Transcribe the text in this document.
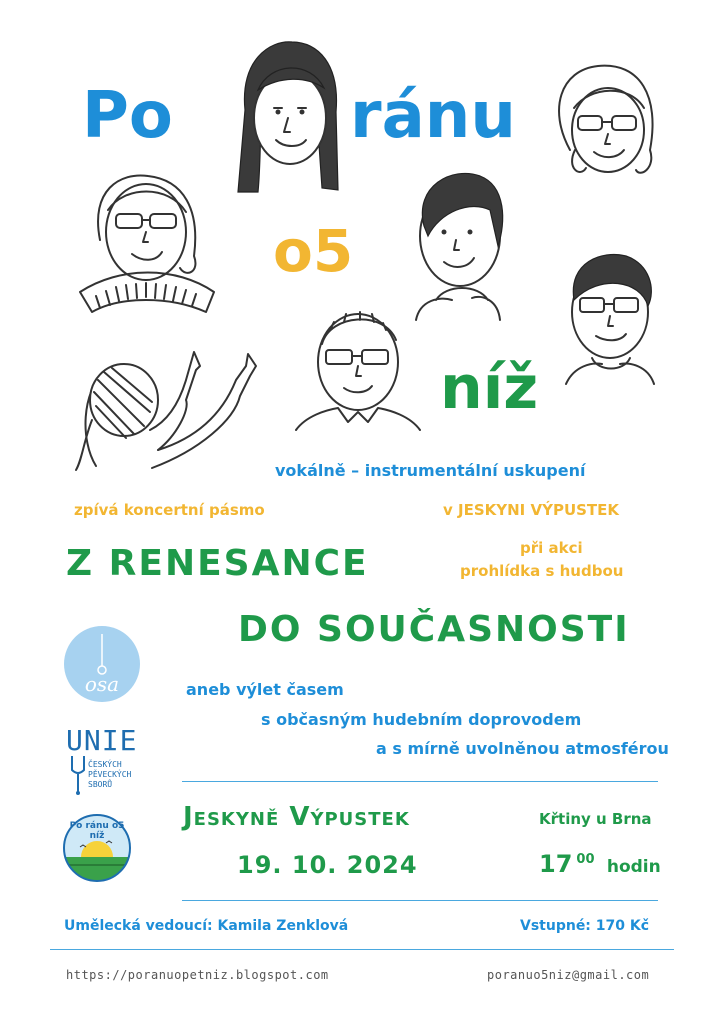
Po	ránu
o5
níž
vokálně – instrumentální uskupení
zpívá koncertní pásmo	v JESKYNI VÝPUSTEK
při akci
prohlídka s hudbou
Z RENESANCE
DO SOUČASNOSTI
aneb výlet časem
s občasným hudebním doprovodem
a s mírně uvolněnou atmosférou
osa
UNIE
ČESKÝCH
PĚVECKÝCH
SBORŮ
Po ránu o5 níž
Jeskyně Výpustek	Křtiny u Brna
19. 10. 2024	17 $^{00}$ hodin
Umělecká vedoucí: Kamila Zenklová	Vstupné: 170 Kč
https://poranuopetniz.blogspot.com	poranuo5niz@gmail.com
